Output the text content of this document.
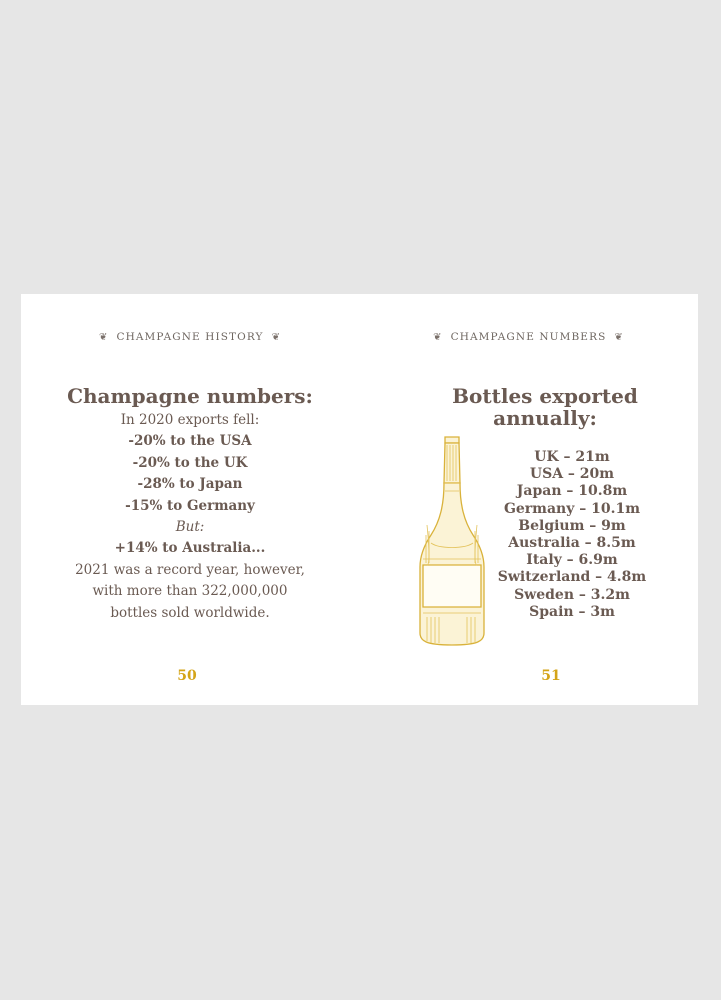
❦ CHAMPAGNE HISTORY ❦
Champagne numbers:
In 2020 exports fell:
-20% to the USA
-20% to the UK
-28% to Japan
-15% to Germany
But:
+14% to Australia...
2021 was a record year, however,
with more than 322,000,000
bottles sold worldwide.
50
❦ CHAMPAGNE NUMBERS ❦
Bottles exported
annually:
UK – 21m
USA – 20m
Japan – 10.8m
Germany – 10.1m
Belgium – 9m
Australia – 8.5m
Italy – 6.9m
Switzerland – 4.8m
Sweden – 3.2m
Spain – 3m
51
